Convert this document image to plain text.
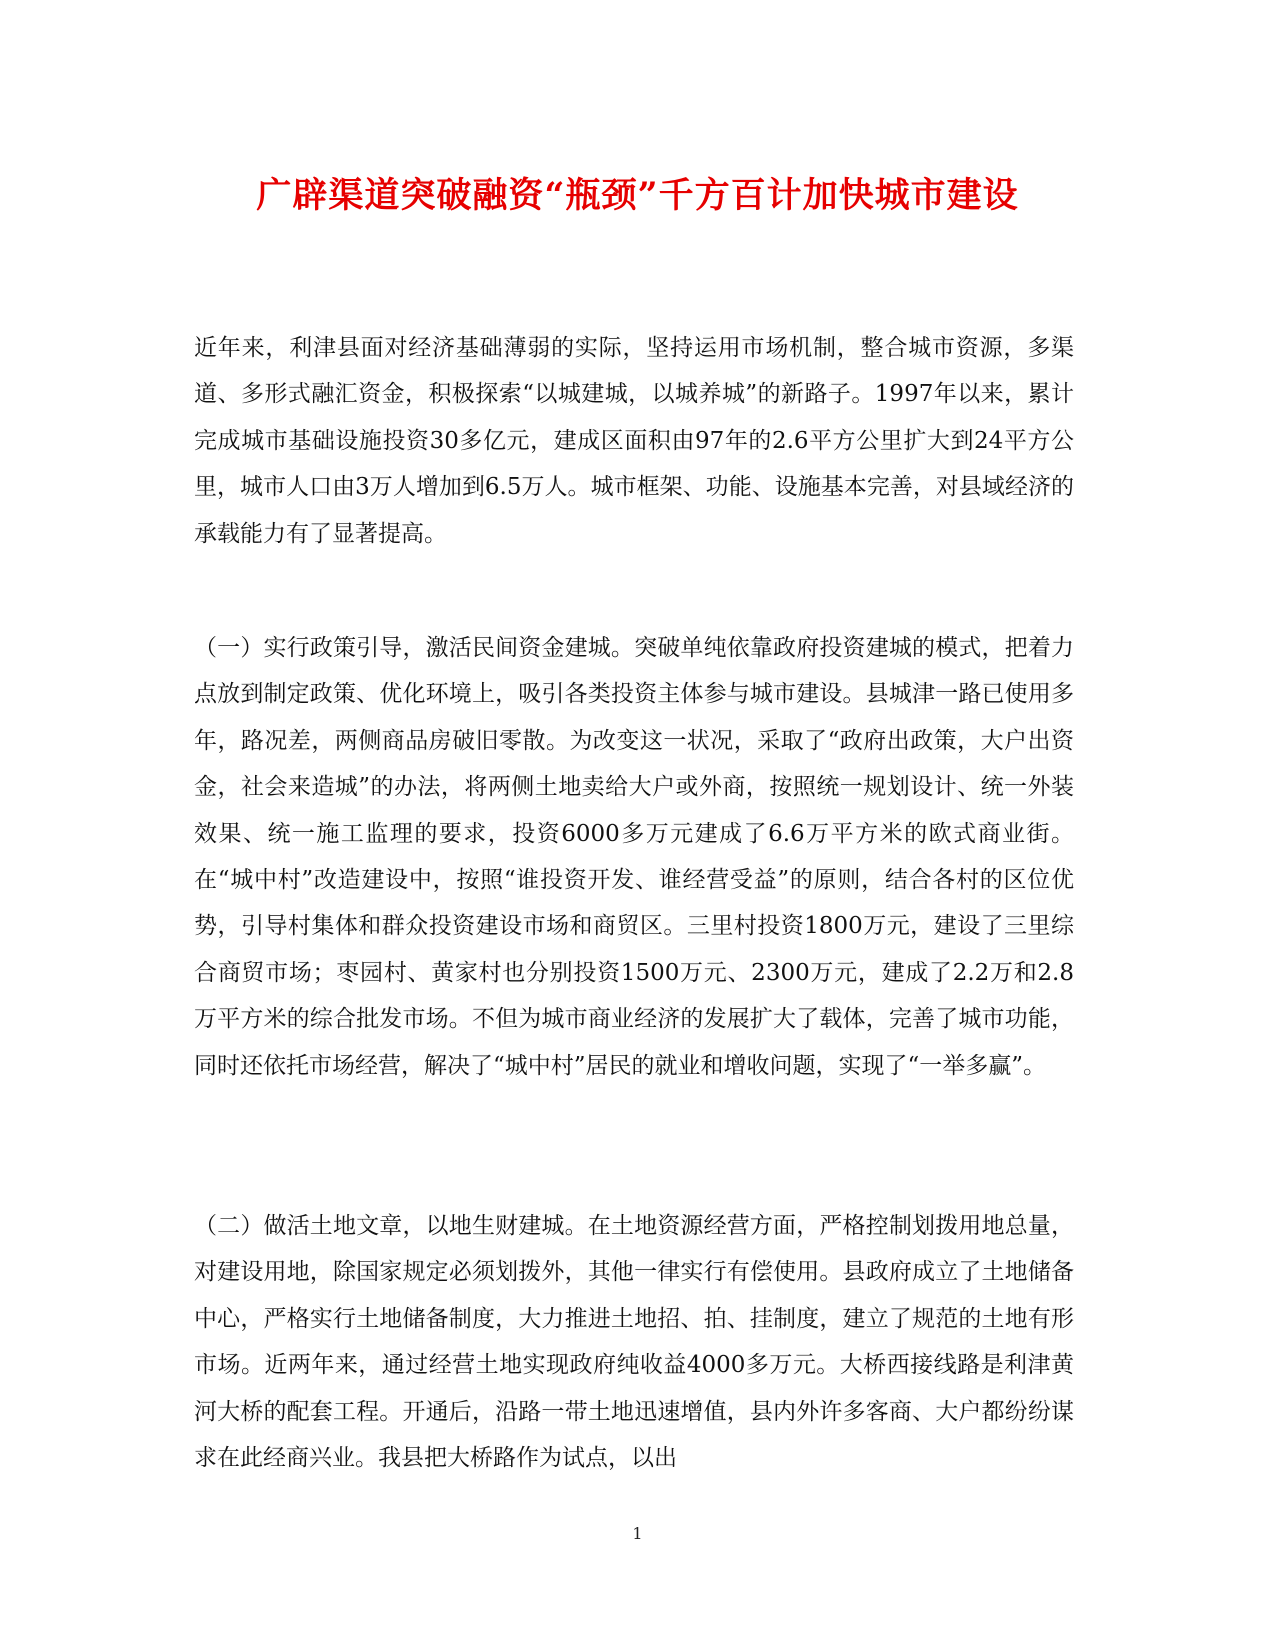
广辟渠道突破融资“瓶颈”千方百计加快城市建设

近年来，利津县面对经济基础薄弱的实际，坚持运用市场机制，整合城市资源，多渠道、多形式融汇资金，积极探索“以城建城，以城养城”的新路子。1997年以来，累计完成城市基础设施投资30多亿元，建成区面积由97年的2.6平方公里扩大到24平方公里，城市人口由3万人增加到6.5万人。城市框架、功能、设施基本完善，对县域经济的承载能力有了显著提高。

（一）实行政策引导，激活民间资金建城。突破单纯依靠政府投资建城的模式，把着力点放到制定政策、优化环境上，吸引各类投资主体参与城市建设。县城津一路已使用多年，路况差，两侧商品房破旧零散。为改变这一状况，采取了“政府出政策，大户出资金，社会来造城”的办法，将两侧土地卖给大户或外商，按照统一规划设计、统一外装效果、统一施工监理的要求，投资6000多万元建成了6.6万平方米的欧式商业街。在“城中村”改造建设中，按照“谁投资开发、谁经营受益”的原则，结合各村的区位优势，引导村集体和群众投资建设市场和商贸区。三里村投资1800万元，建设了三里综合商贸市场；枣园村、黄家村也分别投资1500万元、2300万元，建成了2.2万和2.8万平方米的综合批发市场。不但为城市商业经济的发展扩大了载体，完善了城市功能，同时还依托市场经营，解决了“城中村”居民的就业和增收问题，实现了“一举多赢”。

（二）做活土地文章，以地生财建城。在土地资源经营方面，严格控制划拨用地总量，对建设用地，除国家规定必须划拨外，其他一律实行有偿使用。县政府成立了土地储备中心，严格实行土地储备制度，大力推进土地招、拍、挂制度，建立了规范的土地有形市场。近两年来，通过经营土地实现政府纯收益4000多万元。大桥西接线路是利津黄河大桥的配套工程。开通后，沿路一带土地迅速增值，县内外许多客商、大户都纷纷谋求在此经商兴业。我县把大桥路作为试点，以出

1
